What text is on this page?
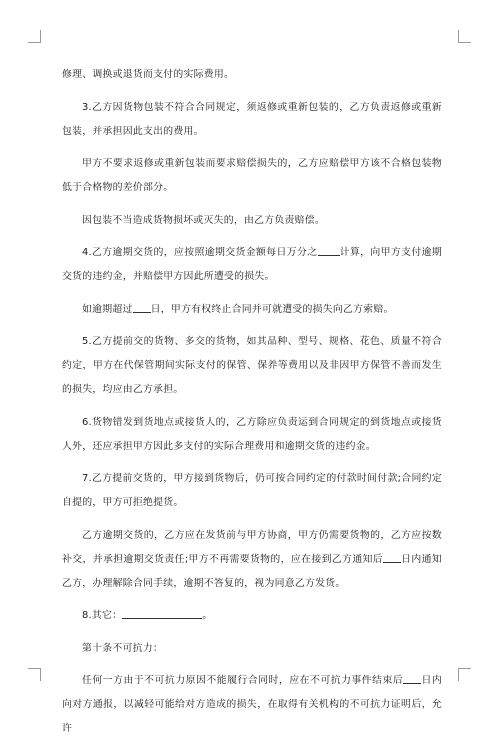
修理、调换或退货而支付的实际费用。

3.乙方因货物包装不符合合同规定，须返修或重新包装的，乙方负责返修或重新包装，并承担因此支出的费用。

甲方不要求返修或重新包装而要求赔偿损失的，乙方应赔偿甲方该不合格包装物低于合格物的差价部分。

因包装不当造成货物损坏或灭失的，由乙方负责赔偿。

4.乙方逾期交货的，应按照逾期交货金额每日万分之 计算，向甲方支付逾期交货的违约金，并赔偿甲方因此所遭受的损失。

如逾期超过 日，甲方有权终止合同并可就遭受的损失向乙方索赔。

5.乙方提前交的货物、多交的货物，如其品种、型号、规格、花色、质量不符合约定，甲方在代保管期间实际支付的保管、保养等费用以及非因甲方保管不善而发生的损失，均应由乙方承担。

6.货物错发到货地点或接货人的，乙方除应负责运到合同规定的到货地点或接货人外，还应承担甲方因此多支付的实际合理费用和逾期交货的违约金。

7.乙方提前交货的，甲方接到货物后，仍可按合同约定的付款时间付款;合同约定自提的，甲方可拒绝提货。

乙方逾期交货的，乙方应在发货前与甲方协商，甲方仍需要货物的，乙方应按数补交，并承担逾期交货责任;甲方不再需要货物的，应在接到乙方通知后 日内通知乙方，办理解除合同手续，逾期不答复的，视为同意乙方发货。

8.其它：	。

第十条不可抗力：

任何一方由于不可抗力原因不能履行合同时，应在不可抗力事件结束后 日内向对方通报，以减轻可能给对方造成的损失，在取得有关机构的不可抗力证明后，允许
